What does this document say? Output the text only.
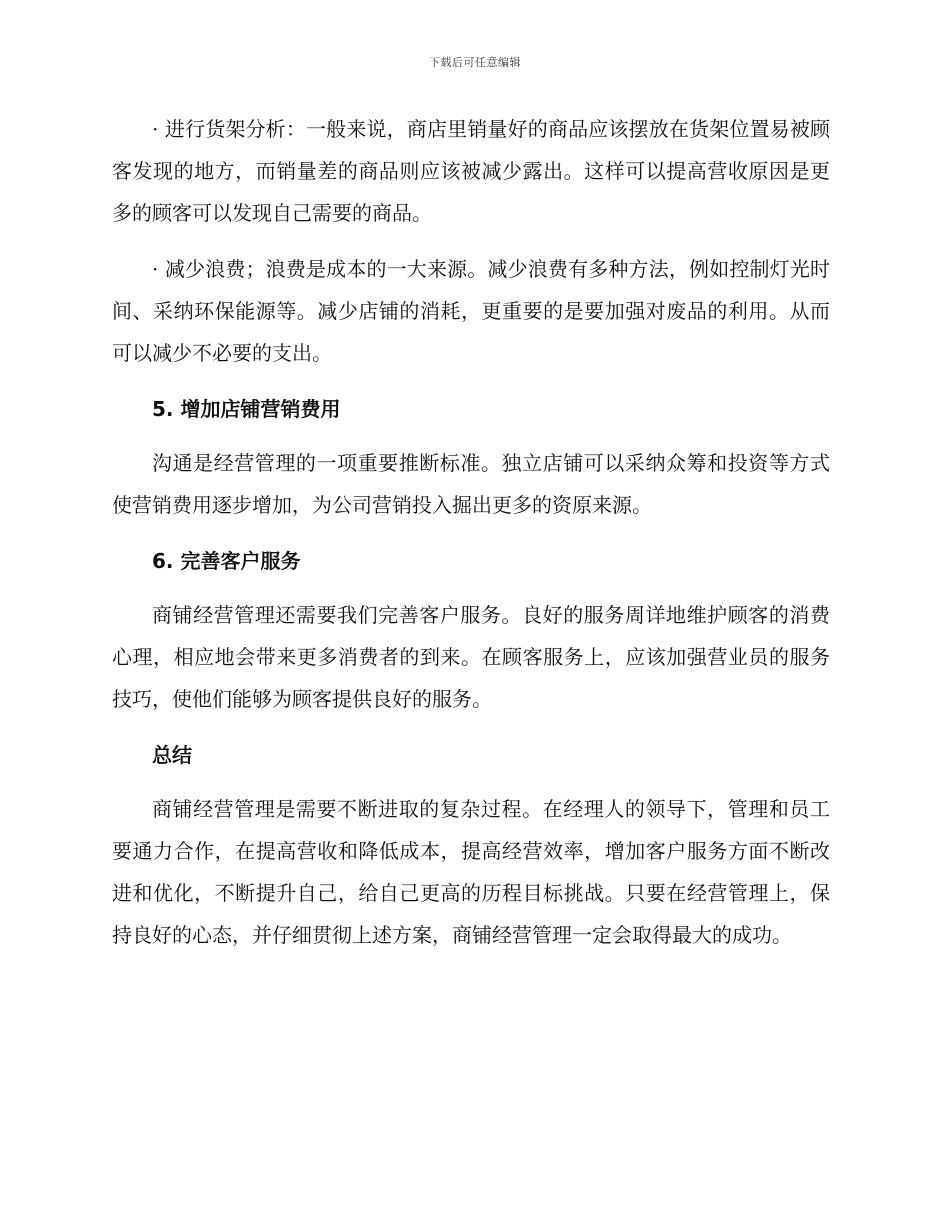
下载后可任意编辑

· 进行货架分析：一般来说，商店里销量好的商品应该摆放在货架位置易被顾客发现的地方，而销量差的商品则应该被减少露出。这样可以提高营收原因是更多的顾客可以发现自己需要的商品。

· 减少浪费；浪费是成本的一大来源。减少浪费有多种方法，例如控制灯光时间、采纳环保能源等。减少店铺的消耗，更重要的是要加强对废品的利用。从而可以减少不必要的支出。

5. 增加店铺营销费用

沟通是经营管理的一项重要推断标准。独立店铺可以采纳众筹和投资等方式使营销费用逐步增加，为公司营销投入掘出更多的资原来源。

6. 完善客户服务

商铺经营管理还需要我们完善客户服务。良好的服务周详地维护顾客的消费心理，相应地会带来更多消费者的到来。在顾客服务上，应该加强营业员的服务技巧，使他们能够为顾客提供良好的服务。

总结

商铺经营管理是需要不断进取的复杂过程。在经理人的领导下，管理和员工要通力合作，在提高营收和降低成本，提高经营效率，增加客户服务方面不断改进和优化，不断提升自己，给自己更高的历程目标挑战。只要在经营管理上，保持良好的心态，并仔细贯彻上述方案，商铺经营管理一定会取得最大的成功。
